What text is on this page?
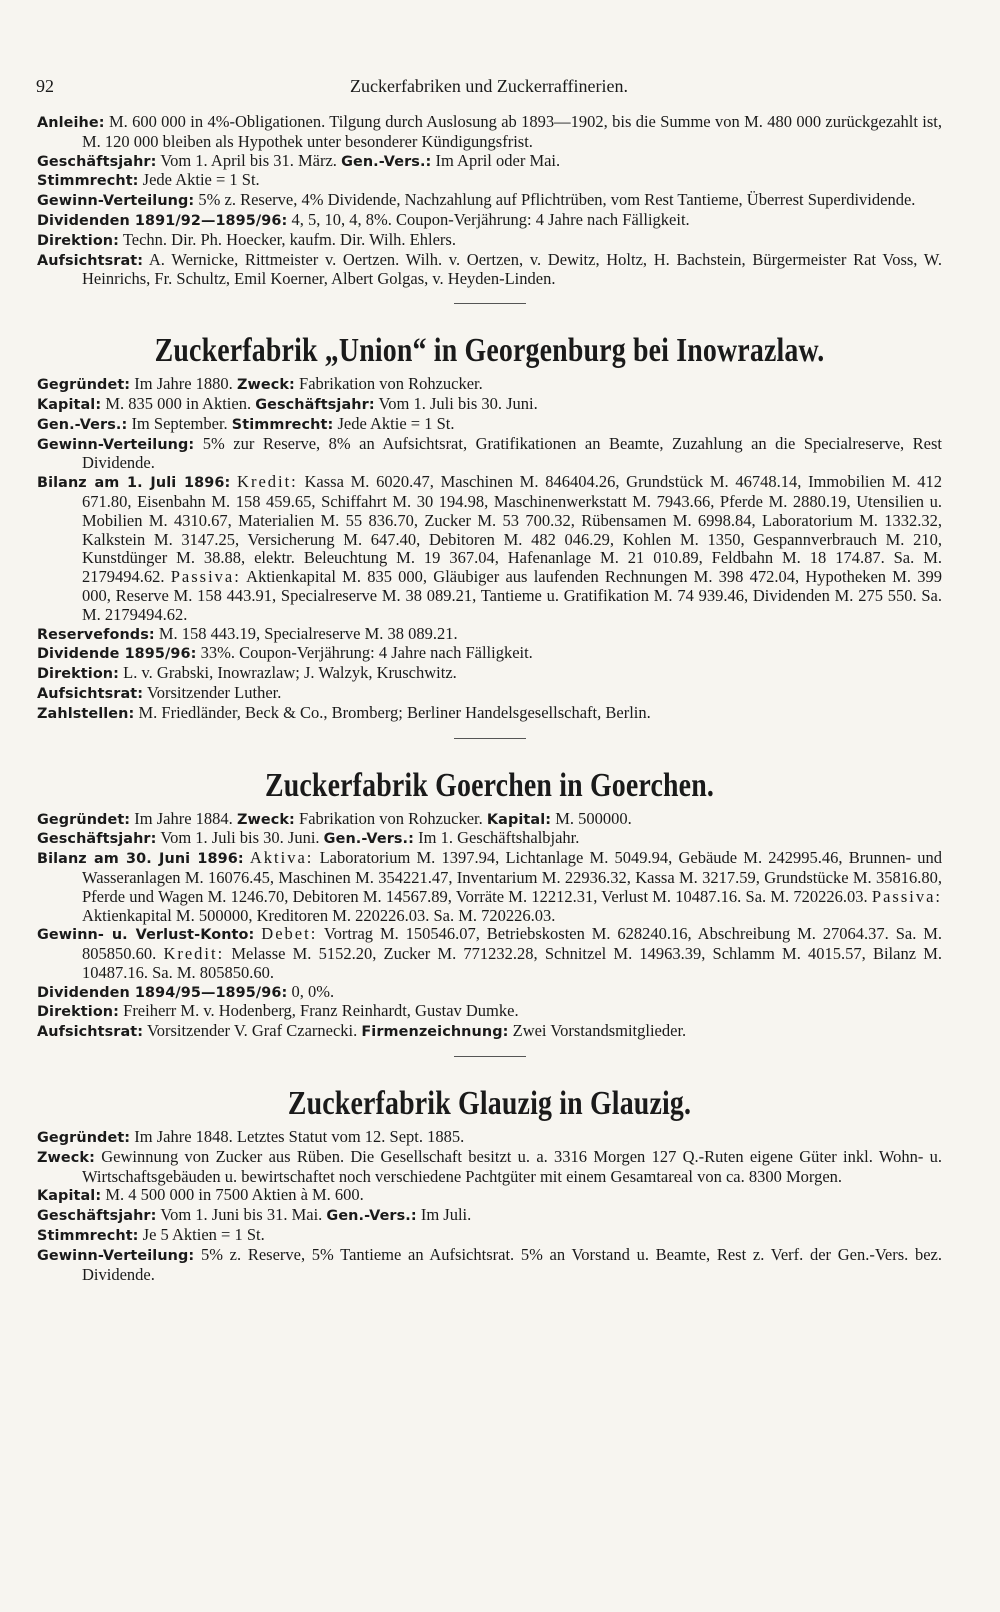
92	Zuckerfabriken und Zuckerraffinerien.

Anleihe: M. 600 000 in 4%-Obligationen. Tilgung durch Auslosung ab 1893—1902, bis die Summe von M. 480 000 zurückgezahlt ist, M. 120 000 bleiben als Hypothek unter besonderer Kündigungsfrist.

Geschäftsjahr: Vom 1. April bis 31. März. Gen.-Vers.: Im April oder Mai.

Stimmrecht: Jede Aktie = 1 St.

Gewinn-Verteilung: 5% z. Reserve, 4% Dividende, Nachzahlung auf Pflichtrüben, vom Rest Tantieme, Überrest Superdividende.

Dividenden 1891/92—1895/96: 4, 5, 10, 4, 8%. Coupon-Verjährung: 4 Jahre nach Fälligkeit.

Direktion: Techn. Dir. Ph. Hoecker, kaufm. Dir. Wilh. Ehlers.

Aufsichtsrat: A. Wernicke, Rittmeister v. Oertzen. Wilh. v. Oertzen, v. Dewitz, Holtz, H. Bachstein, Bürgermeister Rat Voss, W. Heinrichs, Fr. Schultz, Emil Koerner, Albert Golgas, v. Heyden-Linden.

Zuckerfabrik „Union“ in Georgenburg bei Inowrazlaw.

Gegründet: Im Jahre 1880. Zweck: Fabrikation von Rohzucker.

Kapital: M. 835 000 in Aktien. Geschäftsjahr: Vom 1. Juli bis 30. Juni.

Gen.-Vers.: Im September. Stimmrecht: Jede Aktie = 1 St.

Gewinn-Verteilung: 5% zur Reserve, 8% an Aufsichtsrat, Gratifikationen an Beamte, Zuzahlung an die Specialreserve, Rest Dividende.

Bilanz am 1. Juli 1896: Kredit: Kassa M. 6020.47, Maschinen M. 846404.26, Grundstück M. 46748.14, Immobilien M. 412 671.80, Eisenbahn M. 158 459.65, Schiffahrt M. 30 194.98, Maschinenwerkstatt M. 7943.66, Pferde M. 2880.19, Utensilien u. Mobilien M. 4310.67, Materialien M. 55 836.70, Zucker M. 53 700.32, Rübensamen M. 6998.84, Laboratorium M. 1332.32, Kalkstein M. 3147.25, Versicherung M. 647.40, Debitoren M. 482 046.29, Kohlen M. 1350, Gespannverbrauch M. 210, Kunstdünger M. 38.88, elektr. Beleuchtung M. 19 367.04, Hafenanlage M. 21 010.89, Feldbahn M. 18 174.87. Sa. M. 2179494.62. Passiva: Aktienkapital M. 835 000, Gläubiger aus laufenden Rechnungen M. 398 472.04, Hypotheken M. 399 000, Reserve M. 158 443.91, Specialreserve M. 38 089.21, Tantieme u. Gratifikation M. 74 939.46, Dividenden M. 275 550. Sa. M. 2179494.62.

Reservefonds: M. 158 443.19, Specialreserve M. 38 089.21.

Dividende 1895/96: 33%. Coupon-Verjährung: 4 Jahre nach Fälligkeit.

Direktion: L. v. Grabski, Inowrazlaw; J. Walzyk, Kruschwitz.

Aufsichtsrat: Vorsitzender Luther.

Zahlstellen: M. Friedländer, Beck & Co., Bromberg; Berliner Handelsgesellschaft, Berlin.

Zuckerfabrik Goerchen in Goerchen.

Gegründet: Im Jahre 1884. Zweck: Fabrikation von Rohzucker. Kapital: M. 500000.

Geschäftsjahr: Vom 1. Juli bis 30. Juni. Gen.-Vers.: Im 1. Geschäftshalbjahr.

Bilanz am 30. Juni 1896: Aktiva: Laboratorium M. 1397.94, Lichtanlage M. 5049.94, Gebäude M. 242995.46, Brunnen- und Wasseranlagen M. 16076.45, Maschinen M. 354221.47, Inventarium M. 22936.32, Kassa M. 3217.59, Grundstücke M. 35816.80, Pferde und Wagen M. 1246.70, Debitoren M. 14567.89, Vorräte M. 12212.31, Verlust M. 10487.16. Sa. M. 720226.03. Passiva: Aktienkapital M. 500000, Kreditoren M. 220226.03. Sa. M. 720226.03.

Gewinn- u. Verlust-Konto: Debet: Vortrag M. 150546.07, Betriebskosten M. 628240.16, Abschreibung M. 27064.37. Sa. M. 805850.60. Kredit: Melasse M. 5152.20, Zucker M. 771232.28, Schnitzel M. 14963.39, Schlamm M. 4015.57, Bilanz M. 10487.16. Sa. M. 805850.60.

Dividenden 1894/95—1895/96: 0, 0%.

Direktion: Freiherr M. v. Hodenberg, Franz Reinhardt, Gustav Dumke.

Aufsichtsrat: Vorsitzender V. Graf Czarnecki. Firmenzeichnung: Zwei Vorstandsmitglieder.

Zuckerfabrik Glauzig in Glauzig.

Gegründet: Im Jahre 1848. Letztes Statut vom 12. Sept. 1885.

Zweck: Gewinnung von Zucker aus Rüben. Die Gesellschaft besitzt u. a. 3316 Morgen 127 Q.-Ruten eigene Güter inkl. Wohn- u. Wirtschaftsgebäuden u. bewirtschaftet noch verschiedene Pachtgüter mit einem Gesamtareal von ca. 8300 Morgen.

Kapital: M. 4 500 000 in 7500 Aktien à M. 600.

Geschäftsjahr: Vom 1. Juni bis 31. Mai. Gen.-Vers.: Im Juli.

Stimmrecht: Je 5 Aktien = 1 St.

Gewinn-Verteilung: 5% z. Reserve, 5% Tantieme an Aufsichtsrat. 5% an Vorstand u. Beamte, Rest z. Verf. der Gen.-Vers. bez. Dividende.
